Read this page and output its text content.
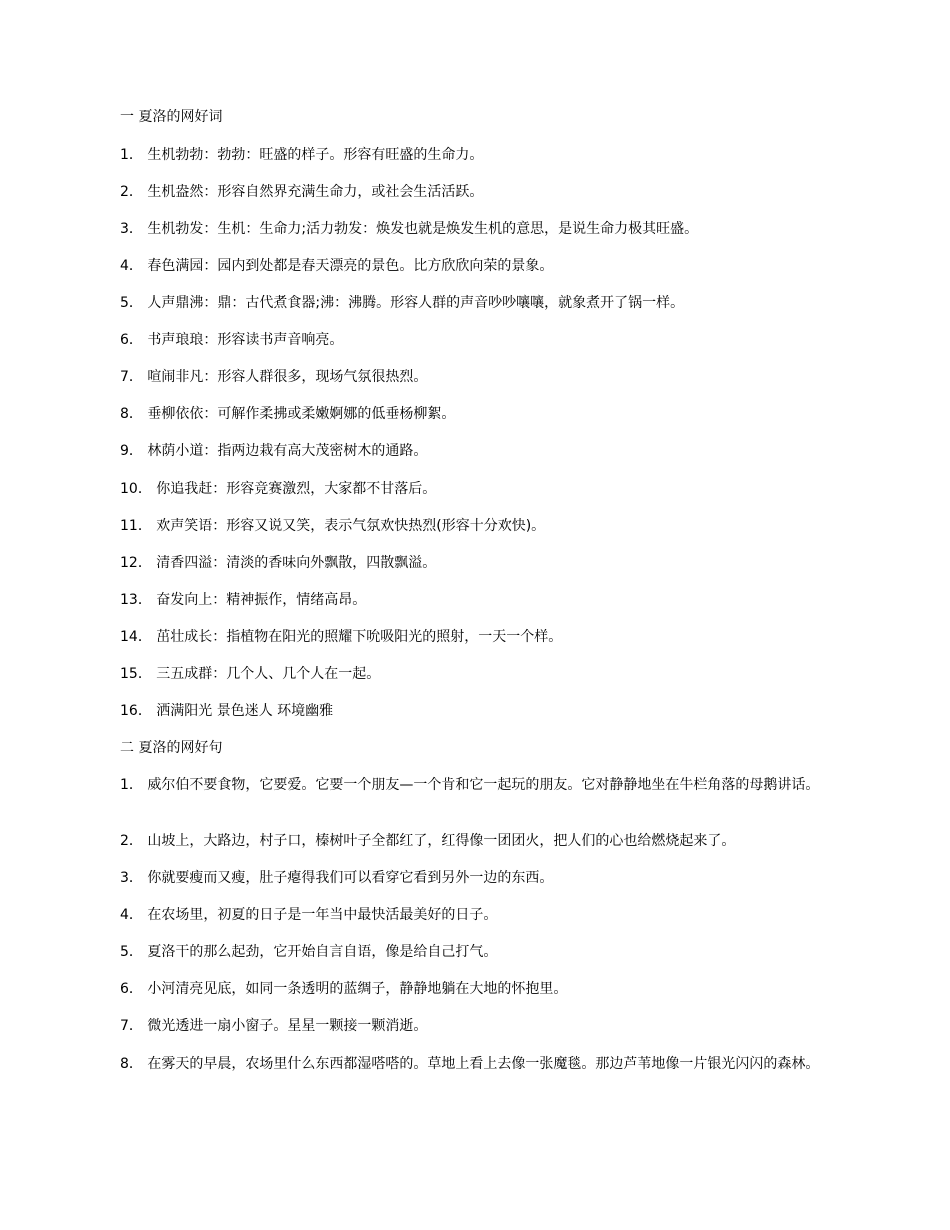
一 夏洛的网好词
1． 生机勃勃：勃勃：旺盛的样子。形容有旺盛的生命力。
2． 生机盎然：形容自然界充满生命力，或社会生活活跃。
3． 生机勃发：生机：生命力;活力勃发：焕发也就是焕发生机的意思，是说生命力极其旺盛。
4． 春色满园：园内到处都是春天漂亮的景色。比方欣欣向荣的景象。
5． 人声鼎沸：鼎：古代煮食器;沸：沸腾。形容人群的声音吵吵嚷嚷，就象煮开了锅一样。
6． 书声琅琅：形容读书声音响亮。
7． 喧闹非凡：形容人群很多，现场气氛很热烈。
8． 垂柳依依：可解作柔拂或柔嫩婀娜的低垂杨柳絮。
9． 林荫小道：指两边栽有高大茂密树木的通路。
10． 你追我赶：形容竞赛激烈，大家都不甘落后。
11． 欢声笑语：形容又说又笑，表示气氛欢快热烈(形容十分欢快)。
12． 清香四溢：清淡的香味向外飘散，四散飘溢。
13． 奋发向上：精神振作，情绪高昂。
14． 茁壮成长：指植物在阳光的照耀下吮吸阳光的照射，一天一个样。
15． 三五成群：几个人、几个人在一起。
16． 洒满阳光 景色迷人 环境幽雅
二 夏洛的网好句
1． 威尔伯不要食物，它要爱。它要一个朋友—一个肯和它一起玩的朋友。它对静静地坐在牛栏角落的母鹅讲话。
2． 山坡上，大路边，村子口，榛树叶子全都红了，红得像一团团火，把人们的心也给燃烧起来了。
3． 你就要瘦而又瘦，肚子瘪得我们可以看穿它看到另外一边的东西。
4． 在农场里，初夏的日子是一年当中最快活最美好的日子。
5． 夏洛干的那么起劲，它开始自言自语，像是给自己打气。
6． 小河清亮见底，如同一条透明的蓝绸子，静静地躺在大地的怀抱里。
7． 微光透进一扇小窗子。星星一颗接一颗消逝。
8． 在雾天的早晨，农场里什么东西都湿嗒嗒的。草地上看上去像一张魔毯。那边芦苇地像一片银光闪闪的森林。
